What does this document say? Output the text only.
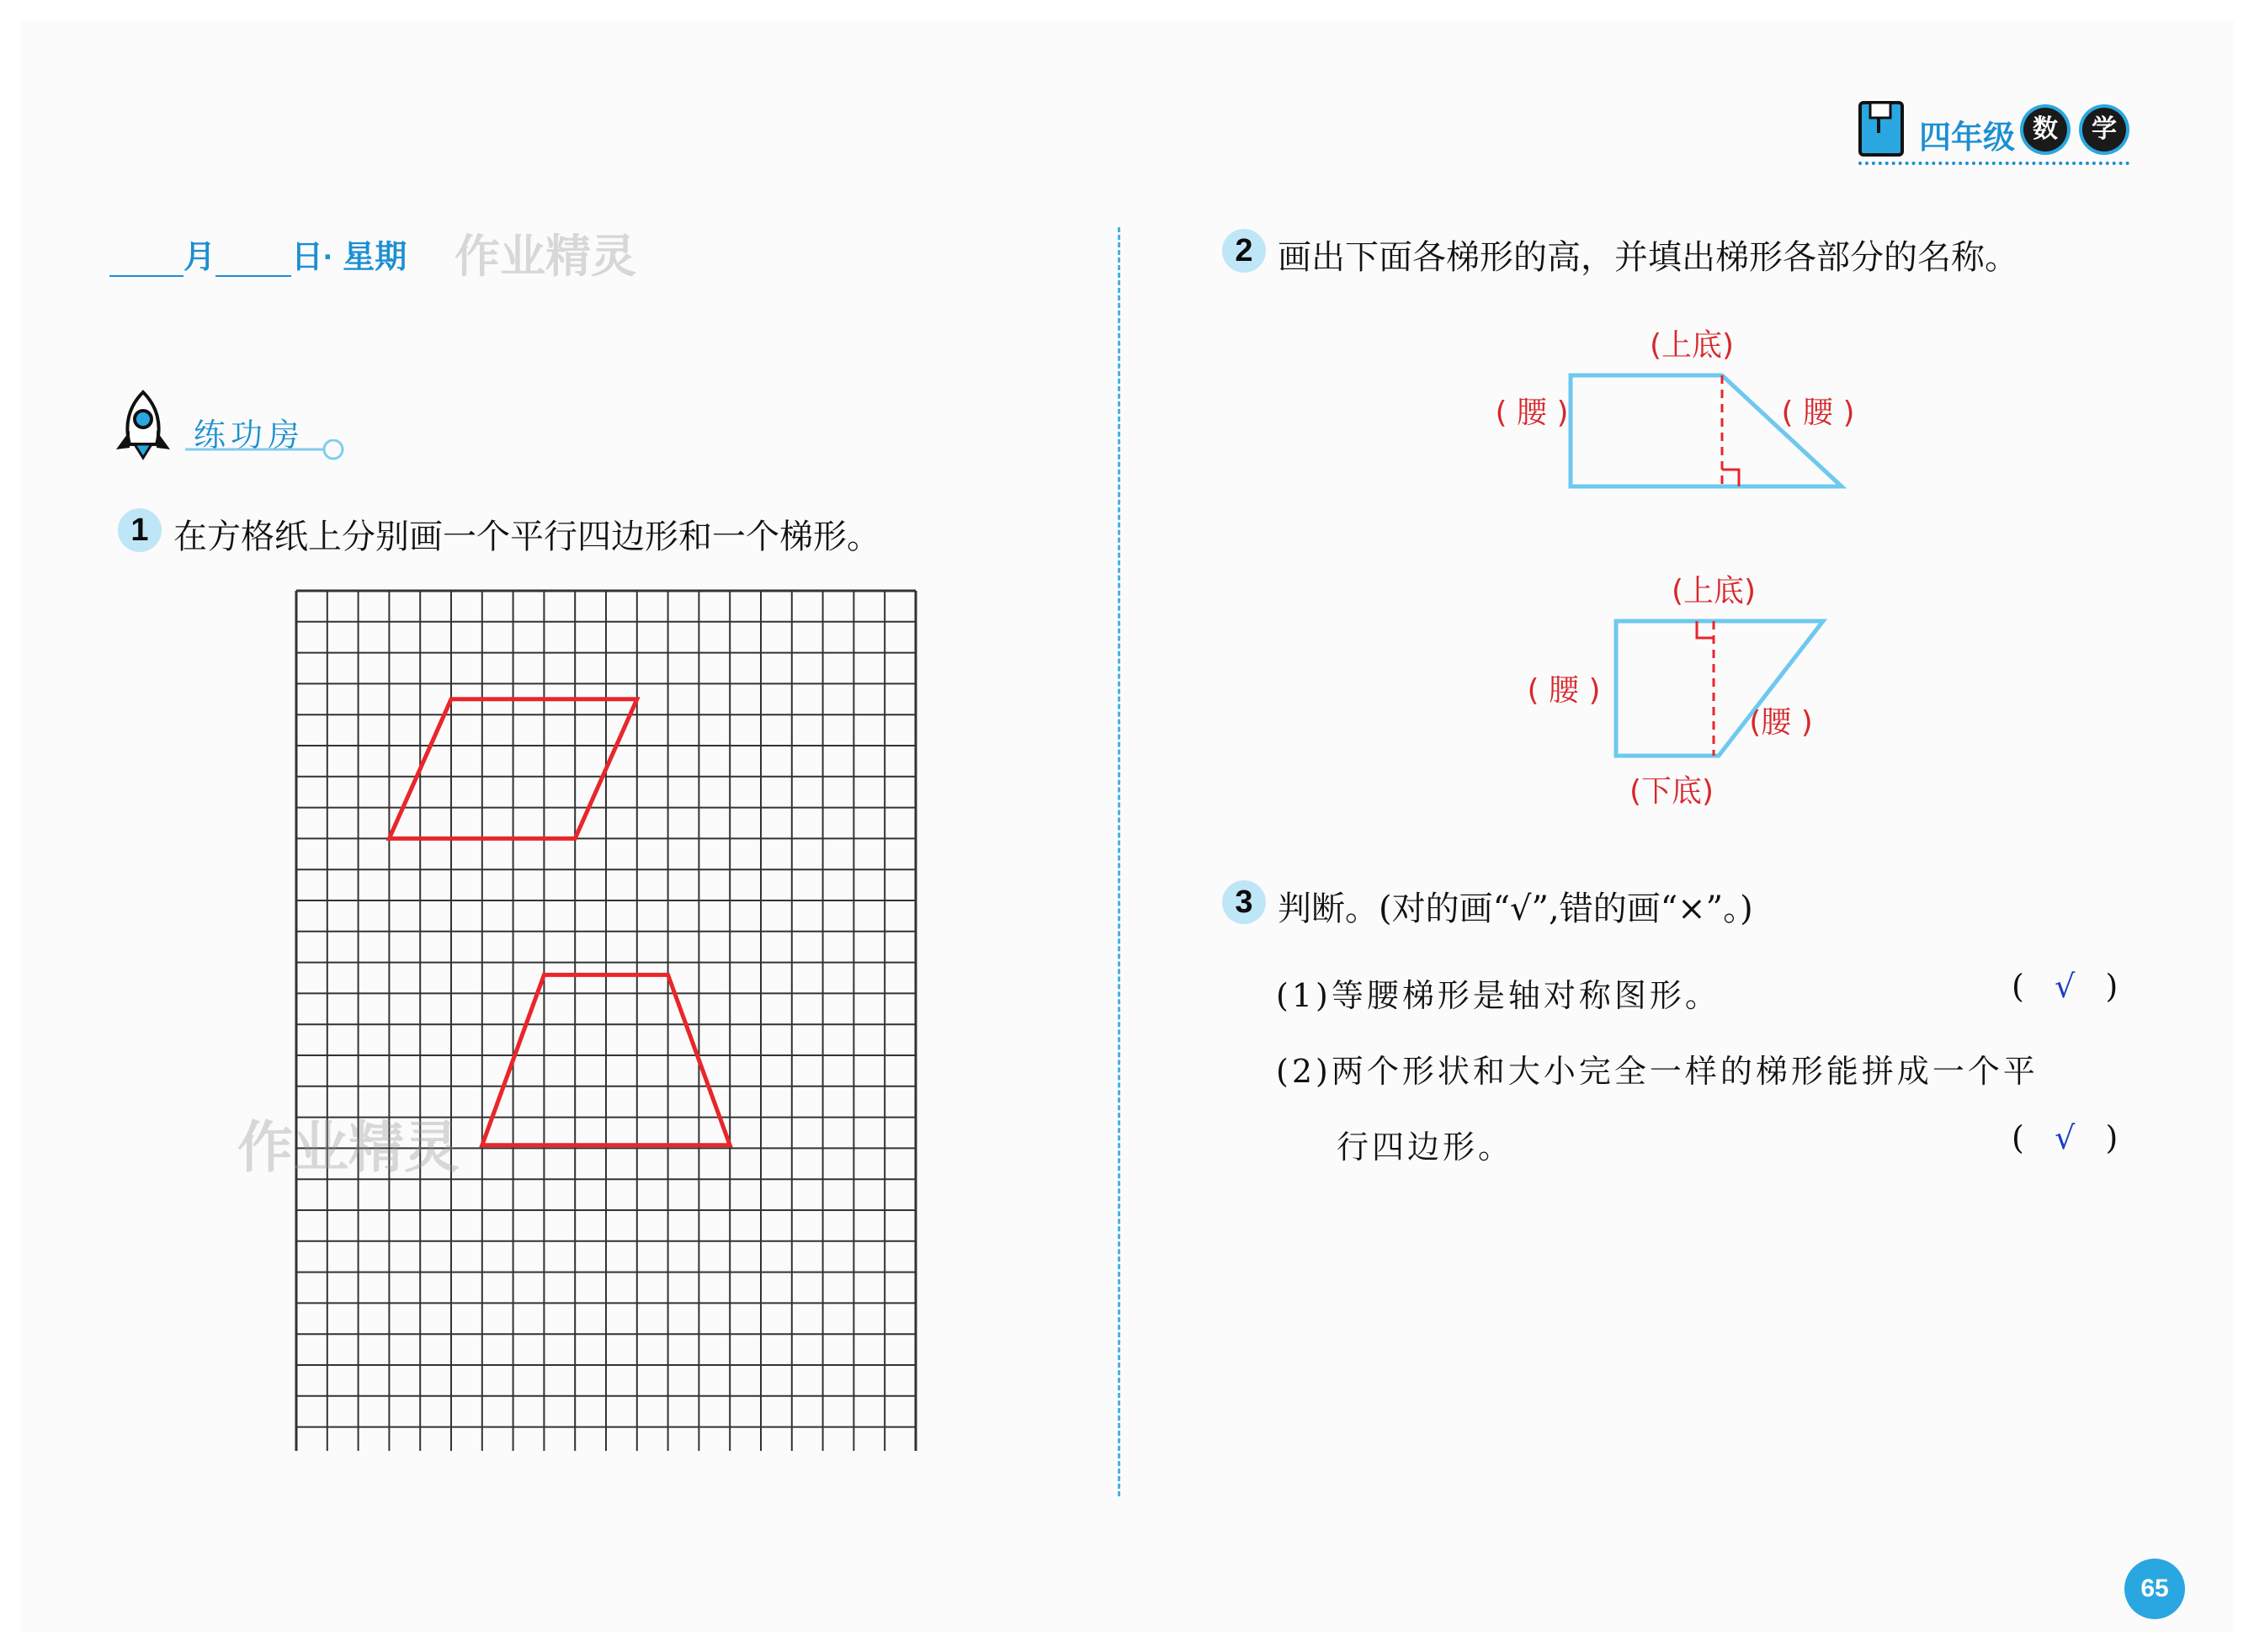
四年级 数	学
月 日· 星期 作业精灵
练功房
1 在方格纸上分别画一个平行四边形和一个梯形。
作业精灵
2 画出下面各梯形的高，并填出梯形各部分的名称。
(上底)
( 腰 )	( 腰 )
(上底)
( 腰 )
(腰 )
(下底)
3 判断。(对的画“√”,错的画“×”。)
(1)等腰梯形是轴对称图形。	(   √   )
(2)两个形状和大小完全一样的梯形能拼成一个平
行四边形。	(   √   )
65
